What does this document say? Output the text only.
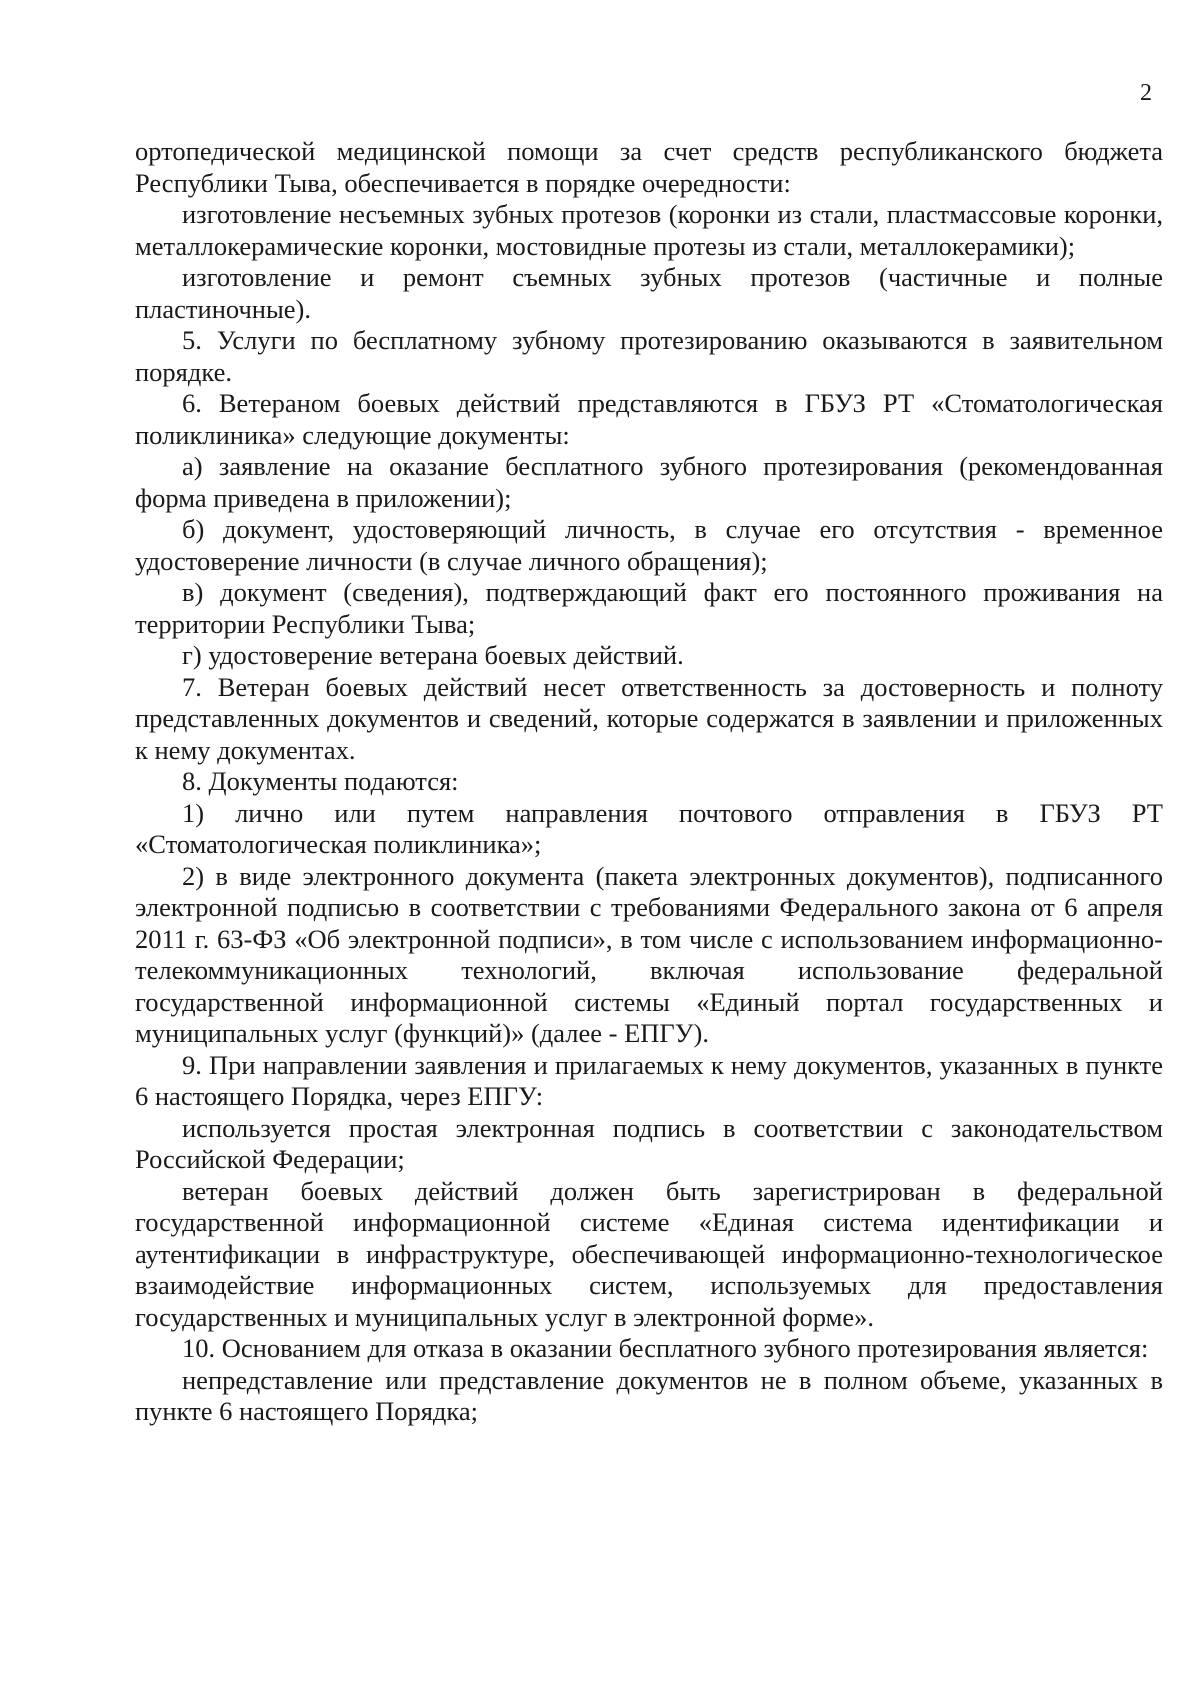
2

ортопедической медицинской помощи за счет средств республиканского бюджета Республики Тыва, обеспечивается в порядке очередности:

изготовление несъемных зубных протезов (коронки из стали, пластмассовые коронки, металлокерамические коронки, мостовидные протезы из стали, металлокерамики);

изготовление и ремонт съемных зубных протезов (частичные и полные пластиночные).

5. Услуги по бесплатному зубному протезированию оказываются в заявительном порядке.

6. Ветераном боевых действий представляются в ГБУЗ РТ «Стоматологическая поликлиника» следующие документы:

а) заявление на оказание бесплатного зубного протезирования (рекомендованная форма приведена в приложении);

б) документ, удостоверяющий личность, в случае его отсутствия - временное удостоверение личности (в случае личного обращения);

в) документ (сведения), подтверждающий факт его постоянного проживания на территории Республики Тыва;

г) удостоверение ветерана боевых действий.

7. Ветеран боевых действий несет ответственность за достоверность и полноту представленных документов и сведений, которые содержатся в заявлении и приложенных к нему документах.

8. Документы подаются:

1) лично или путем направления почтового отправления в ГБУЗ РТ «Стоматологическая поликлиника»;

2) в виде электронного документа (пакета электронных документов), подписанного электронной подписью в соответствии с требованиями Федерального закона от 6 апреля 2011 г. 63-ФЗ «Об электронной подписи», в том числе с использованием информационно-телекоммуникационных технологий, включая использование федеральной государственной информационной системы «Единый портал государственных и муниципальных услуг (функций)» (далее - ЕПГУ).

9. При направлении заявления и прилагаемых к нему документов, указанных в пункте 6 настоящего Порядка, через ЕПГУ:

используется простая электронная подпись в соответствии с законодательством Российской Федерации;

ветеран боевых действий должен быть зарегистрирован в федеральной государственной информационной системе «Единая система идентификации и аутентификации в инфраструктуре, обеспечивающей информационно-технологическое взаимодействие информационных систем, используемых для предоставления государственных и муниципальных услуг в электронной форме».

10. Основанием для отказа в оказании бесплатного зубного протезирования является:

непредставление или представление документов не в полном объеме, указанных в пункте 6 настоящего Порядка;
